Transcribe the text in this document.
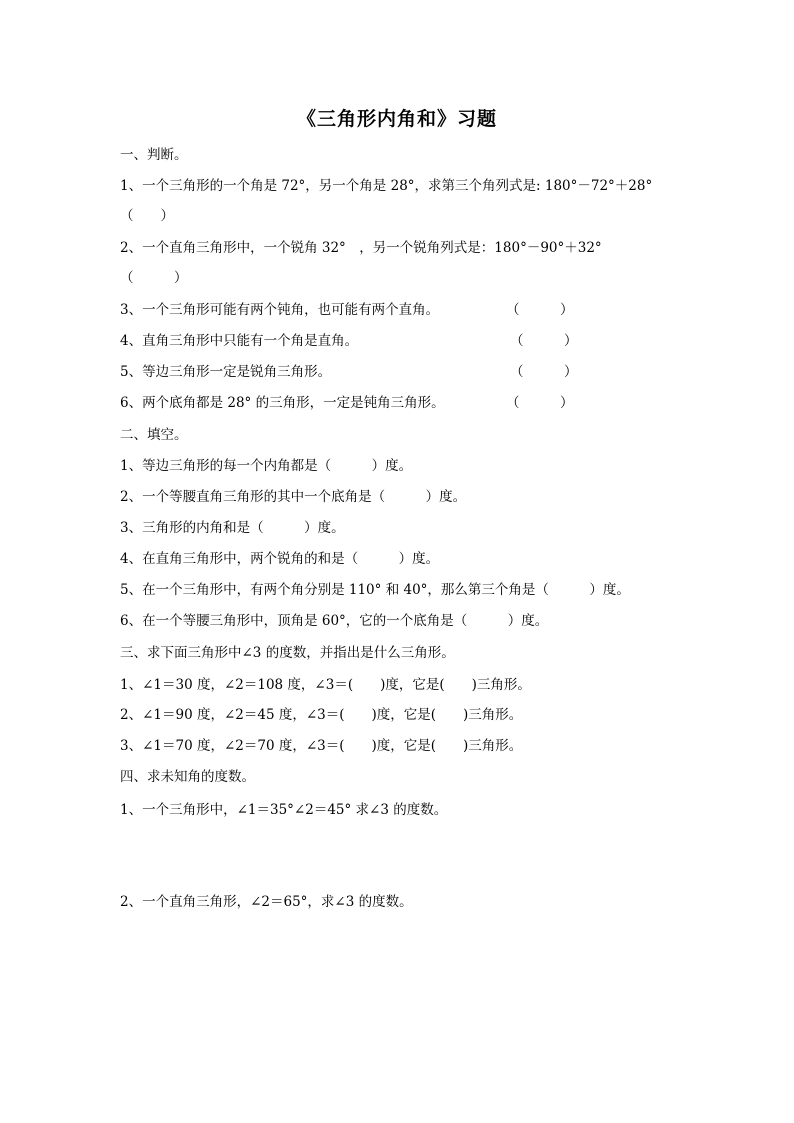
《三角形内角和》习题
一、判断。
1、一个三角形的一个角是 72°，另一个角是 28°，求第三个角列式是: 180°－72°＋28°
（　　）
2、一个直角三角形中，一个锐角 32°　，另一个锐角列式是：180°－90°＋32°
（　　　）
3、一个三角形可能有两个钝角，也可能有两个直角。	（　　　）
4、直角三角形中只能有一个角是直角。	（　　　）
5、等边三角形一定是锐角三角形。	（　　　）
6、两个底角都是 28° 的三角形，一定是钝角三角形。	（　　　）
二、填空。
1、等边三角形的每一个内角都是（　　　）度。
2、一个等腰直角三角形的其中一个底角是（　　　）度。
3、三角形的内角和是（　　　）度。
4、在直角三角形中，两个锐角的和是（　　　）度。
5、在一个三角形中，有两个角分别是 110° 和 40°，那么第三个角是（　　　）度。
6、在一个等腰三角形中，顶角是 60°，它的一个底角是（　　　）度。
三、求下面三角形中∠3 的度数，并指出是什么三角形。
1、∠1＝30 度，∠2＝108 度，∠3＝(　　)度，它是(　　)三角形。
2、∠1＝90 度，∠2＝45 度，∠3＝(　　)度，它是(　　)三角形。
3、∠1＝70 度，∠2＝70 度，∠3＝(　　)度，它是(　　)三角形。
四、求未知角的度数。
1、一个三角形中，∠1＝35°∠2＝45° 求∠3 的度数。
2、一个直角三角形，∠2＝65°，求∠3 的度数。
